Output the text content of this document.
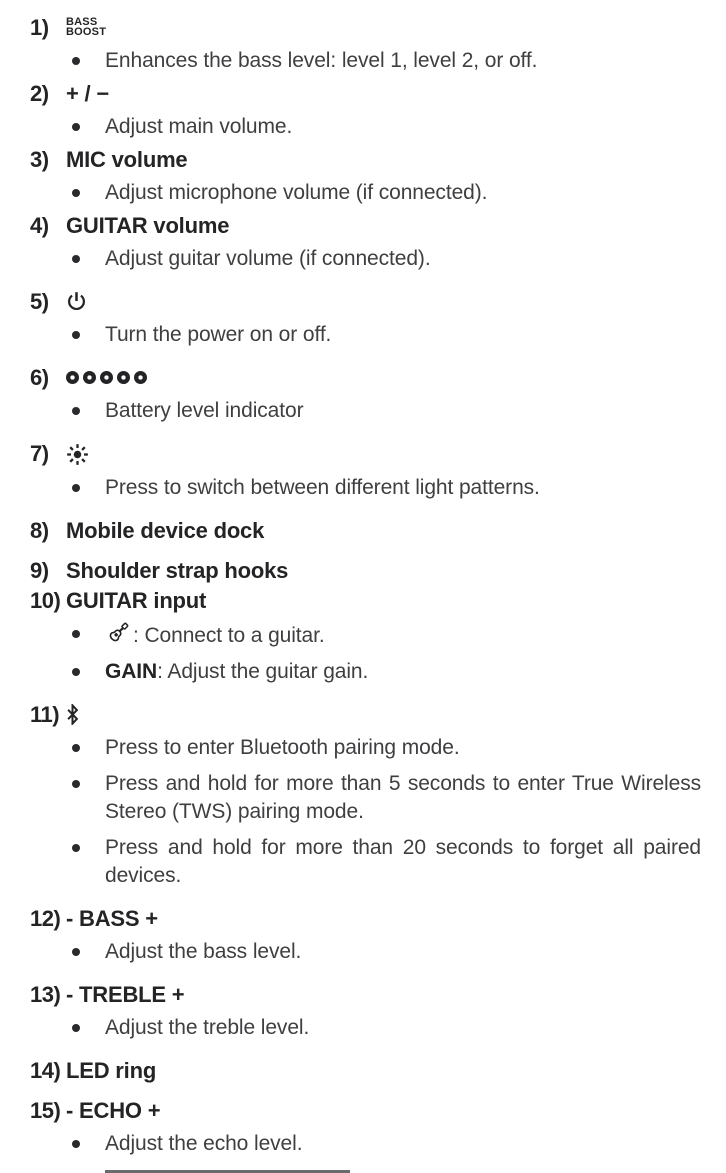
1)	BASS
BOOST
Enhances the bass level: level 1, level 2, or off.
2) + / −
Adjust main volume.
3) MIC volume
Adjust microphone volume (if connected).
4) GUITAR volume
Adjust guitar volume (if connected).
5)
Turn the power on or off.
6)
Battery level indicator
7)
Press to switch between different light patterns.
8) Mobile device dock
9) Shoulder strap hooks
10) GUITAR input
: Connect to a guitar.
GAIN: Adjust the guitar gain.
11)
Press to enter Bluetooth pairing mode.
Press and hold for more than 5 seconds to enter True Wireless Stereo (TWS) pairing mode.
Press and hold for more than 20 seconds to forget all paired devices.
12) - BASS +
Adjust the bass level.
13) - TREBLE +
Adjust the treble level.
14) LED ring
15) - ECHO +
Adjust the echo level.
